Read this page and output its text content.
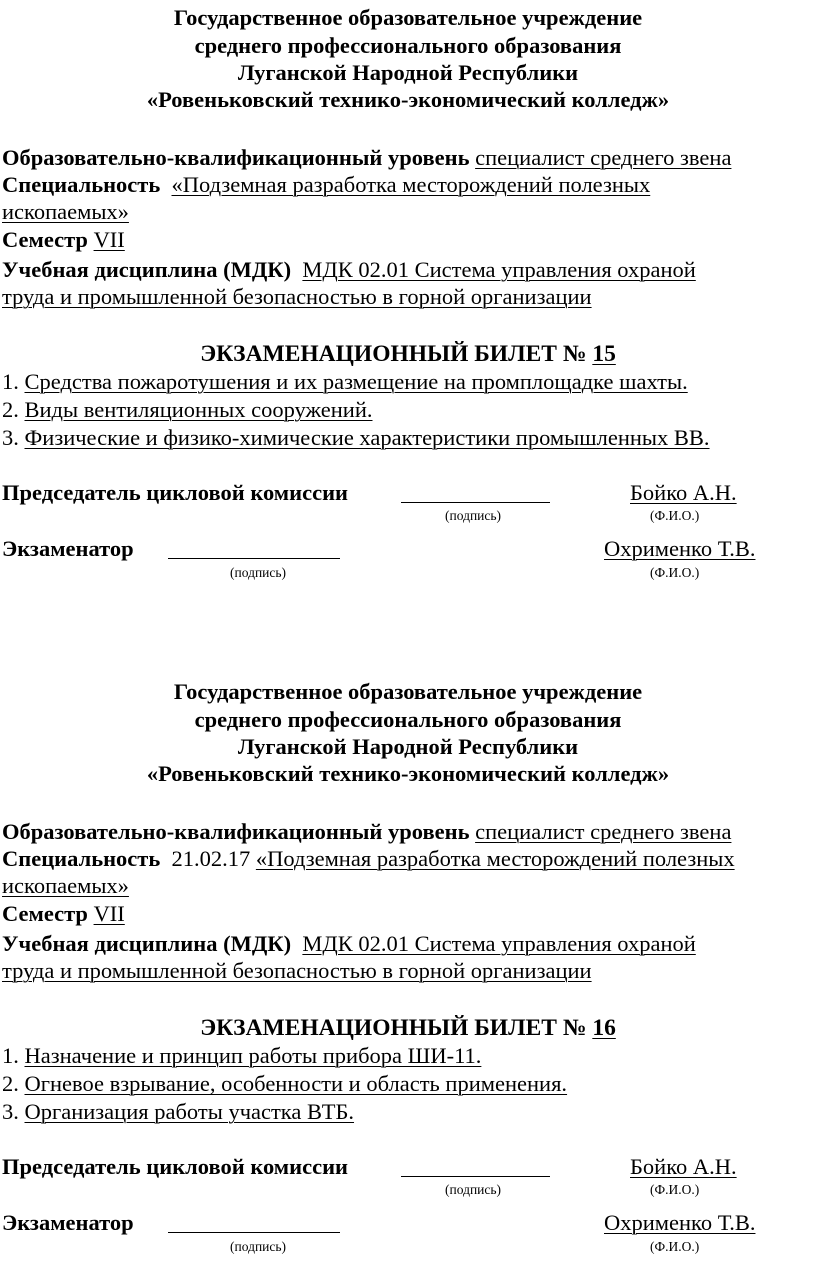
Государственное образовательное учреждение
среднего профессионального образования
Луганской Народной Республики
«Ровеньковский технико-экономический колледж»
Образовательно-квалификационный уровень специалист среднего звена
Специальность «Подземная разработка месторождений полезных
ископаемых»
Семестр VII
Учебная дисциплина (МДК) МДК 02.01 Система управления охраной
труда и промышленной безопасностью в горной организации
ЭКЗАМЕНАЦИОННЫЙ БИЛЕТ № 15
1. Средства пожаротушения и их размещение на промплощадке шахты.
2. Виды вентиляционных сооружений.
3. Физические и физико-химические характеристики промышленных ВВ.
Председатель цикловой комиссии	Бойко А.Н.
(подпись)	(Ф.И.О.)
Экзаменатор	Охрименко Т.В.
(подпись)	(Ф.И.О.)
Государственное образовательное учреждение
среднего профессионального образования
Луганской Народной Республики
«Ровеньковский технико-экономический колледж»
Образовательно-квалификационный уровень специалист среднего звена
Специальность 21.02.17 «Подземная разработка месторождений полезных
ископаемых»
Семестр VII
Учебная дисциплина (МДК) МДК 02.01 Система управления охраной
труда и промышленной безопасностью в горной организации
ЭКЗАМЕНАЦИОННЫЙ БИЛЕТ № 16
1. Назначение и принцип работы прибора ШИ-11.
2. Огневое взрывание, особенности и область применения.
3. Организация работы участка ВТБ.
Председатель цикловой комиссии	Бойко А.Н.
(подпись)	(Ф.И.О.)
Экзаменатор	Охрименко Т.В.
(подпись)	(Ф.И.О.)
